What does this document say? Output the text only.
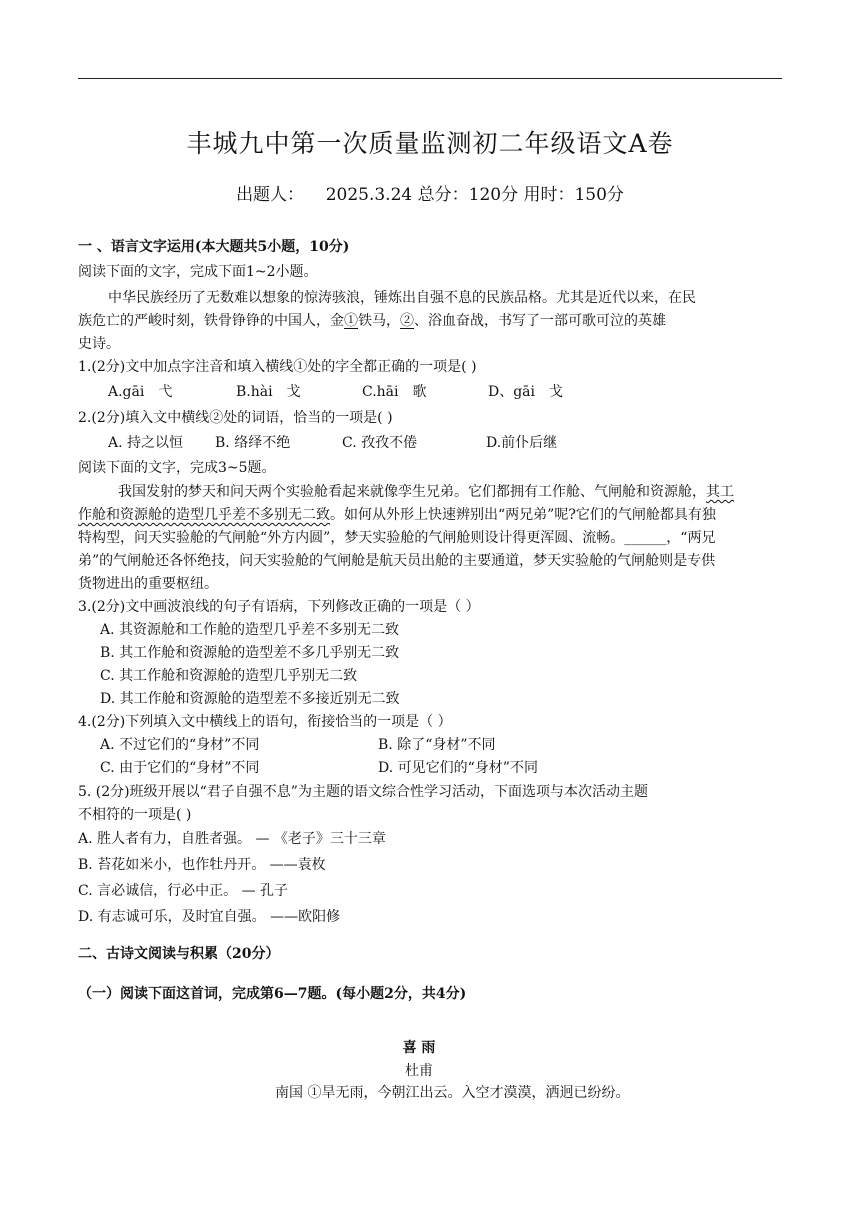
丰城九中第一次质量监测初二年级语文A卷
出题人： 2025.3.24 总分：120分 用时：150分
一 、语言文字运用(本大题共5小题，10分)
阅读下面的文字，完成下面1~2小题。
中华民族经历了无数难以想象的惊涛骇浪，锤炼出自强不息的民族品格。尤其是近代以来，在民
族危亡的严峻时刻，铁骨铮铮的中国人，金①铁马，②、浴血奋战，书写了一部可歌可泣的英雄
史诗。
1.(2分)文中加点字注音和填入横线①处的字全都正确的一项是( )
A.gāi　弋	B.hài　戈	C.hāi　歌	D、gāi　戈
2.(2分)填入文中横线②处的词语，恰当的一项是( )
A. 持之以恒 B. 络绎不绝	C. 孜孜不倦	D.前仆后继
阅读下面的文字，完成3~5题。
我国发射的梦天和问天两个实验舱看起来就像孪生兄弟。它们都拥有工作舱、气闸舱和资源舱，其工
作舱和资源舱的造型几乎差不多别无二致。如何从外形上快速辨别出“两兄弟”呢?它们的气闸舱都具有独
特构型，问天实验舱的气闸舱“外方内圆”，梦天实验舱的气闸舱则设计得更浑圆、流畅。______，“两兄
弟”的气闸舱还各怀绝技，问天实验舱的气闸舱是航天员出舱的主要通道，梦天实验舱的气闸舱则是专供
货物进出的重要枢纽。
3.(2分)文中画波浪线的句子有语病，下列修改正确的一项是（ ）
A. 其资源舱和工作舱的造型几乎差不多别无二致
B. 其工作舱和资源舱的造型差不多几乎别无二致
C. 其工作舱和资源舱的造型几乎别无二致
D. 其工作舱和资源舱的造型差不多接近别无二致
4.(2分)下列填入文中横线上的语句，衔接恰当的一项是（ ）
A. 不过它们的“身材”不同	B. 除了“身材”不同
C. 由于它们的“身材”不同	D. 可见它们的“身材”不同
5. (2分)班级开展以“君子自强不息”为主题的语文综合性学习活动，下面选项与本次活动主题
不相符的一项是( )
A. 胜人者有力，自胜者强。 — 《老子》三十三章
B. 苔花如米小，也作牡丹开。 ——袁枚
C. 言必诚信，行必中正。 — 孔子
D. 有志诚可乐，及时宜自强。 ——欧阳修
二、古诗文阅读与积累（20分）
（一）阅读下面这首词，完成第6—7题。(每小题2分，共4分)
喜 雨
杜甫
南国 ①旱无雨，今朝江出云。入空才漠漠，洒迥已纷纷。
